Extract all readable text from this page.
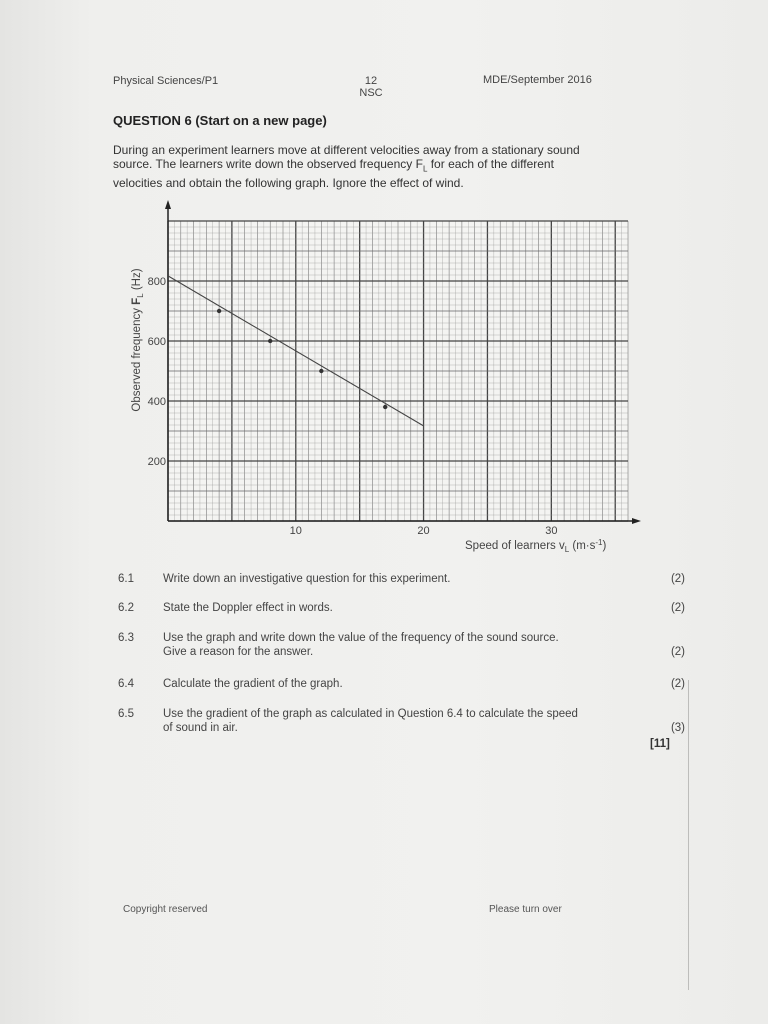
Physical Sciences/P1	12
NSC
MDE/September 2016
QUESTION 6 (Start on a new page)
During an experiment learners move at different velocities away from a stationary sound
source. The learners write down the observed frequency $F_L$ for each of the different
velocities and obtain the following graph. Ignore the effect of wind.
10	20	30
200
400
600
800
Observed frequency $F_L$ (Hz)
Speed of learners $v_L$ $(m\cdot s^{-1})$
6.1	Write down an investigative question for this experiment.	(2)
6.2	State the Doppler effect in words.	(2)
6.3	Use the graph and write down the value of the frequency of the sound source.
Give a reason for the answer.	(2)
6.4	Calculate the gradient of the graph.	(2)
6.5	Use the gradient of the graph as calculated in Question 6.4 to calculate the speed
of sound in air.	(3)
[11]
Copyright reserved	Please turn over
